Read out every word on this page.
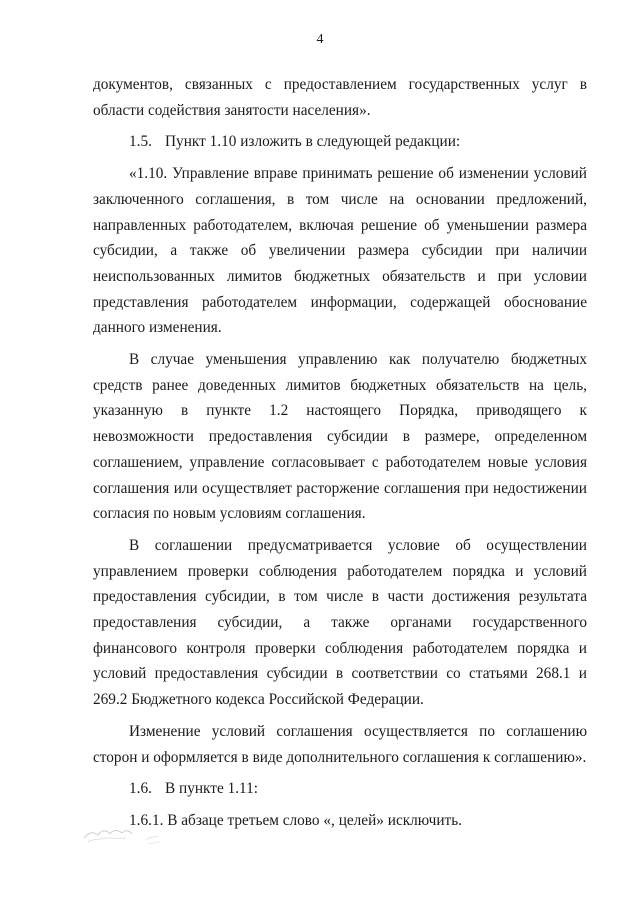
4

документов, связанных с предоставлением государственных услуг в области содействия занятости населения».

1.5. Пункт 1.10 изложить в следующей редакции:

«1.10. Управление вправе принимать решение об изменении условий заключенного соглашения, в том числе на основании предложений, направленных работодателем, включая решение об уменьшении размера субсидии, а также об увеличении размера субсидии при наличии неиспользованных лимитов бюджетных обязательств и при условии представления работодателем информации, содержащей обоснование данного изменения.

В случае уменьшения управлению как получателю бюджетных средств ранее доведенных лимитов бюджетных обязательств на цель, указанную в пункте 1.2 настоящего Порядка, приводящего к невозможности предоставления субсидии в размере, определенном соглашением, управление согласовывает с работодателем новые условия соглашения или осуществляет расторжение соглашения при недостижении согласия по новым условиям соглашения.

В соглашении предусматривается условие об осуществлении управлением проверки соблюдения работодателем порядка и условий предоставления субсидии, в том числе в части достижения результата предоставления субсидии, а также органами государственного финансового контроля проверки соблюдения работодателем порядка и условий предоставления субсидии в соответствии со статьями 268.1 и 269.2 Бюджетного кодекса Российской Федерации.

Изменение условий соглашения осуществляется по соглашению сторон и оформляется в виде дополнительного соглашения к соглашению».

1.6. В пункте 1.11:

1.6.1. В абзаце третьем слово «, целей» исключить.
